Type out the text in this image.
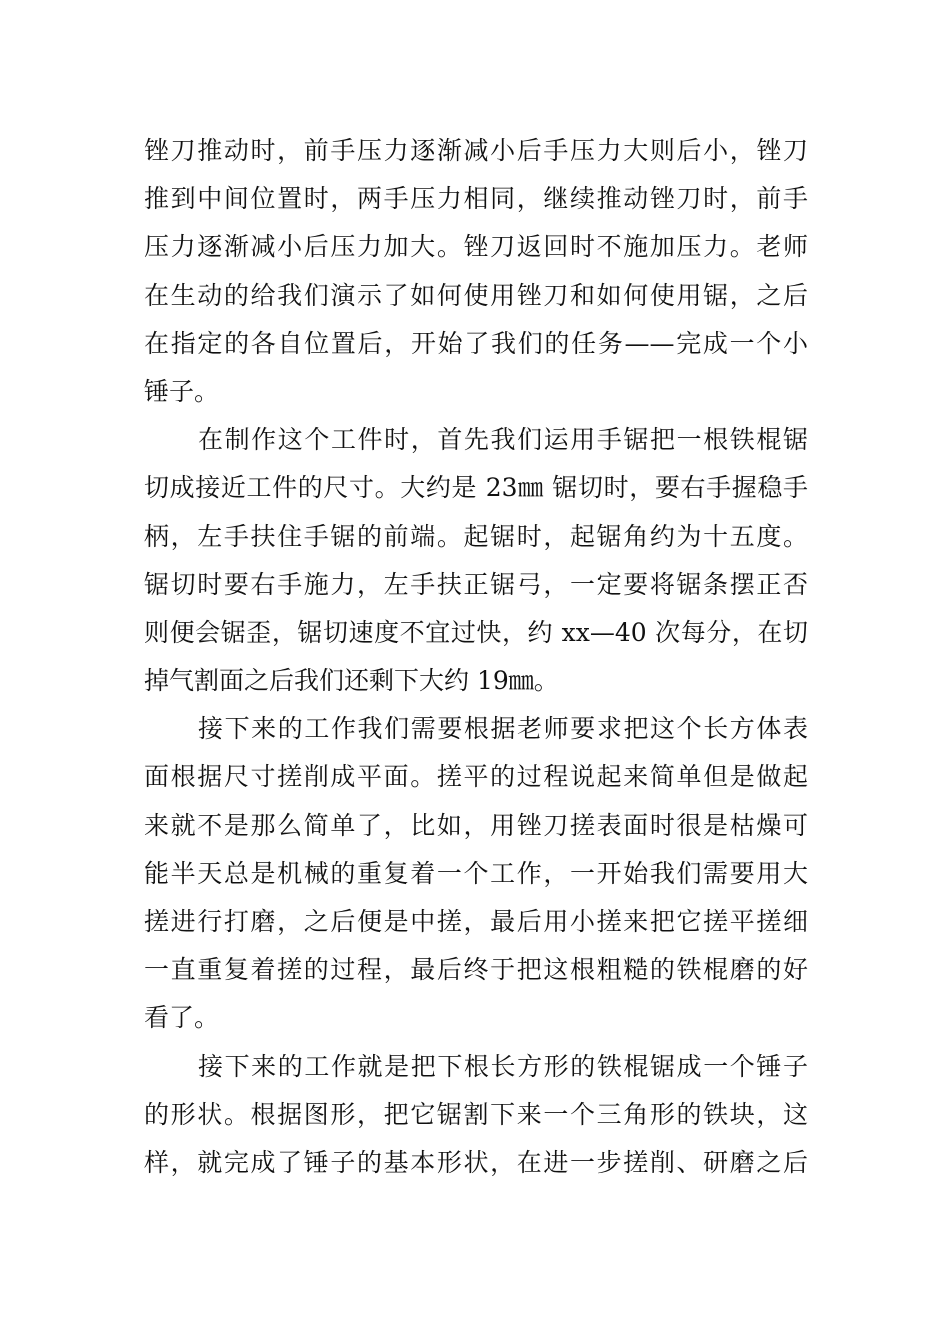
锉刀推动时，前手压力逐渐减小后手压力大则后小，锉刀
推到中间位置时，两手压力相同，继续推动锉刀时，前手
压力逐渐减小后压力加大。锉刀返回时不施加压力。老师
在生动的给我们演示了如何使用锉刀和如何使用锯，之后
在指定的各自位置后，开始了我们的任务——完成一个小
锤子。
在制作这个工件时，首先我们运用手锯把一根铁棍锯
切成接近工件的尺寸。大约是 23㎜ 锯切时，要右手握稳手
柄，左手扶住手锯的前端。起锯时，起锯角约为十五度。
锯切时要右手施力，左手扶正锯弓，一定要将锯条摆正否
则便会锯歪，锯切速度不宜过快，约 xx—40 次每分，在切
掉气割面之后我们还剩下大约 19㎜。
接下来的工作我们需要根据老师要求把这个长方体表
面根据尺寸搓削成平面。搓平的过程说起来简单但是做起
来就不是那么简单了，比如，用锉刀搓表面时很是枯燥可
能半天总是机械的重复着一个工作，一开始我们需要用大
搓进行打磨，之后便是中搓，最后用小搓来把它搓平搓细
一直重复着搓的过程，最后终于把这根粗糙的铁棍磨的好
看了。
接下来的工作就是把下根长方形的铁棍锯成一个锤子
的形状。根据图形，把它锯割下来一个三角形的铁块，这
样，就完成了锤子的基本形状，在进一步搓削、研磨之后
